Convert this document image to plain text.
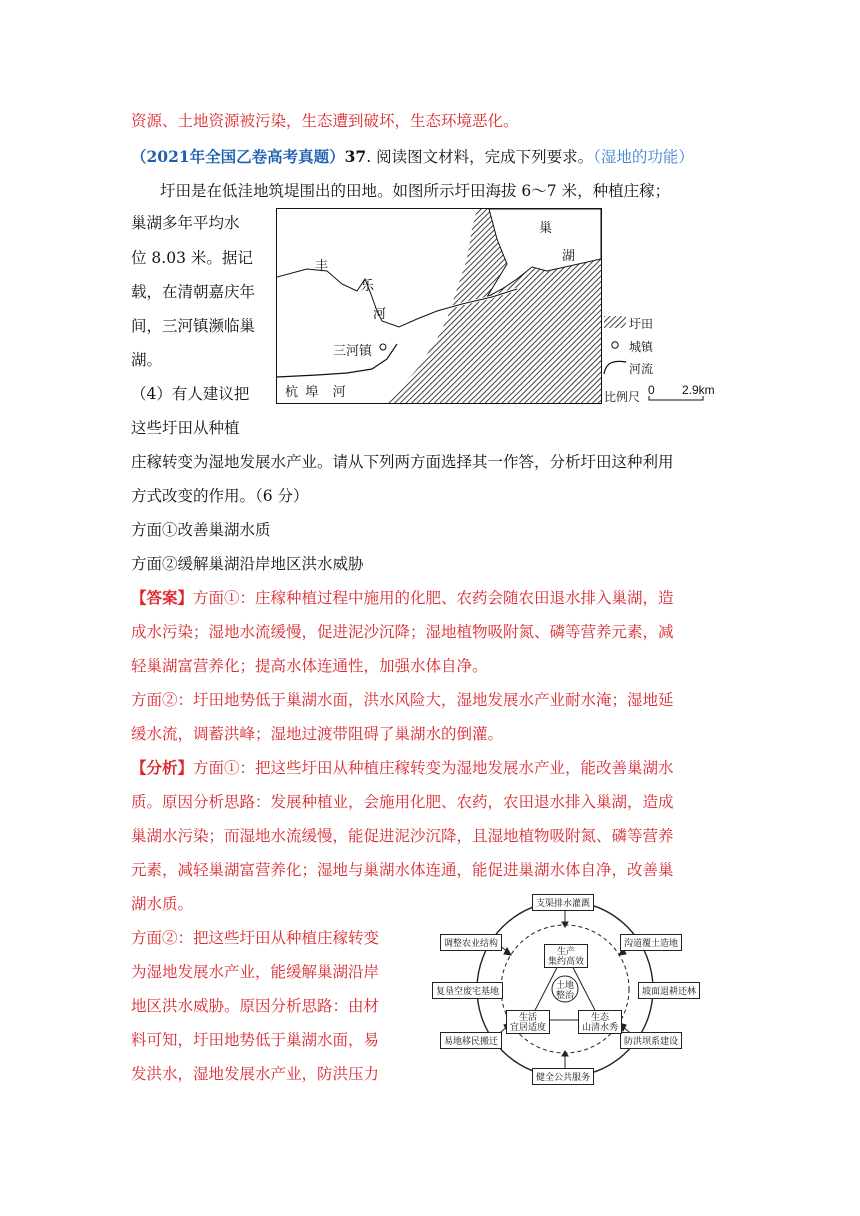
资源、土地资源被污染，生态遭到破坏，生态环境恶化。
（2021年全国乙卷高考真题）37. 阅读图文材料，完成下列要求。（湿地的功能）
圩田是在低洼地筑堤围出的田地。如图所示圩田海拔 6～7 米，种植庄稼；
巢湖多年平均水
位 8.03 米。据记
载，在清朝嘉庆年
间，三河镇濒临巢
湖。
巢
湖
丰
乐
河
三河镇
杭  埠    河
圩田
城镇
河流
比例尺 0 2.9km
（4）有人建议把
这些圩田从种植
庄稼转变为湿地发展水产业。请从下列两方面选择其一作答，分析圩田这种利用
方式改变的作用。（6 分）
方面①改善巢湖水质
方面②缓解巢湖沿岸地区洪水威胁
【答案】方面①：庄稼种植过程中施用的化肥、农药会随农田退水排入巢湖，造
成水污染；湿地水流缓慢，促进泥沙沉降；湿地植物吸附氮、磷等营养元素，减
轻巢湖富营养化；提高水体连通性，加强水体自净。
方面②：圩田地势低于巢湖水面，洪水风险大，湿地发展水产业耐水淹；湿地延
缓水流，调蓄洪峰；湿地过渡带阻碍了巢湖水的倒灌。
【分析】方面①：把这些圩田从种植庄稼转变为湿地发展水产业，能改善巢湖水
质。原因分析思路：发展种植业，会施用化肥、农药，农田退水排入巢湖，造成
巢湖水污染；而湿地水流缓慢，能促进泥沙沉降，且湿地植物吸附氮、磷等营养
元素，减轻巢湖富营养化；湿地与巢湖水体连通，能促进巢湖水体自净，改善巢
湖水质。
方面②：把这些圩田从种植庄稼转变
为湿地发展水产业，能缓解巢湖沿岸
地区洪水威胁。原因分析思路：由材
料可知，圩田地势低于巢湖水面，易
发洪水，湿地发展水产业，防洪压力
支渠排水灌溉
沟道覆土造地
坡面退耕还林
防洪坝系建设
健全公共服务
易地移民搬迁
复垦空废宅基地
调整农业结构
生产
集约高效
土地整治
生活
宜居适度
生态
山清水秀
